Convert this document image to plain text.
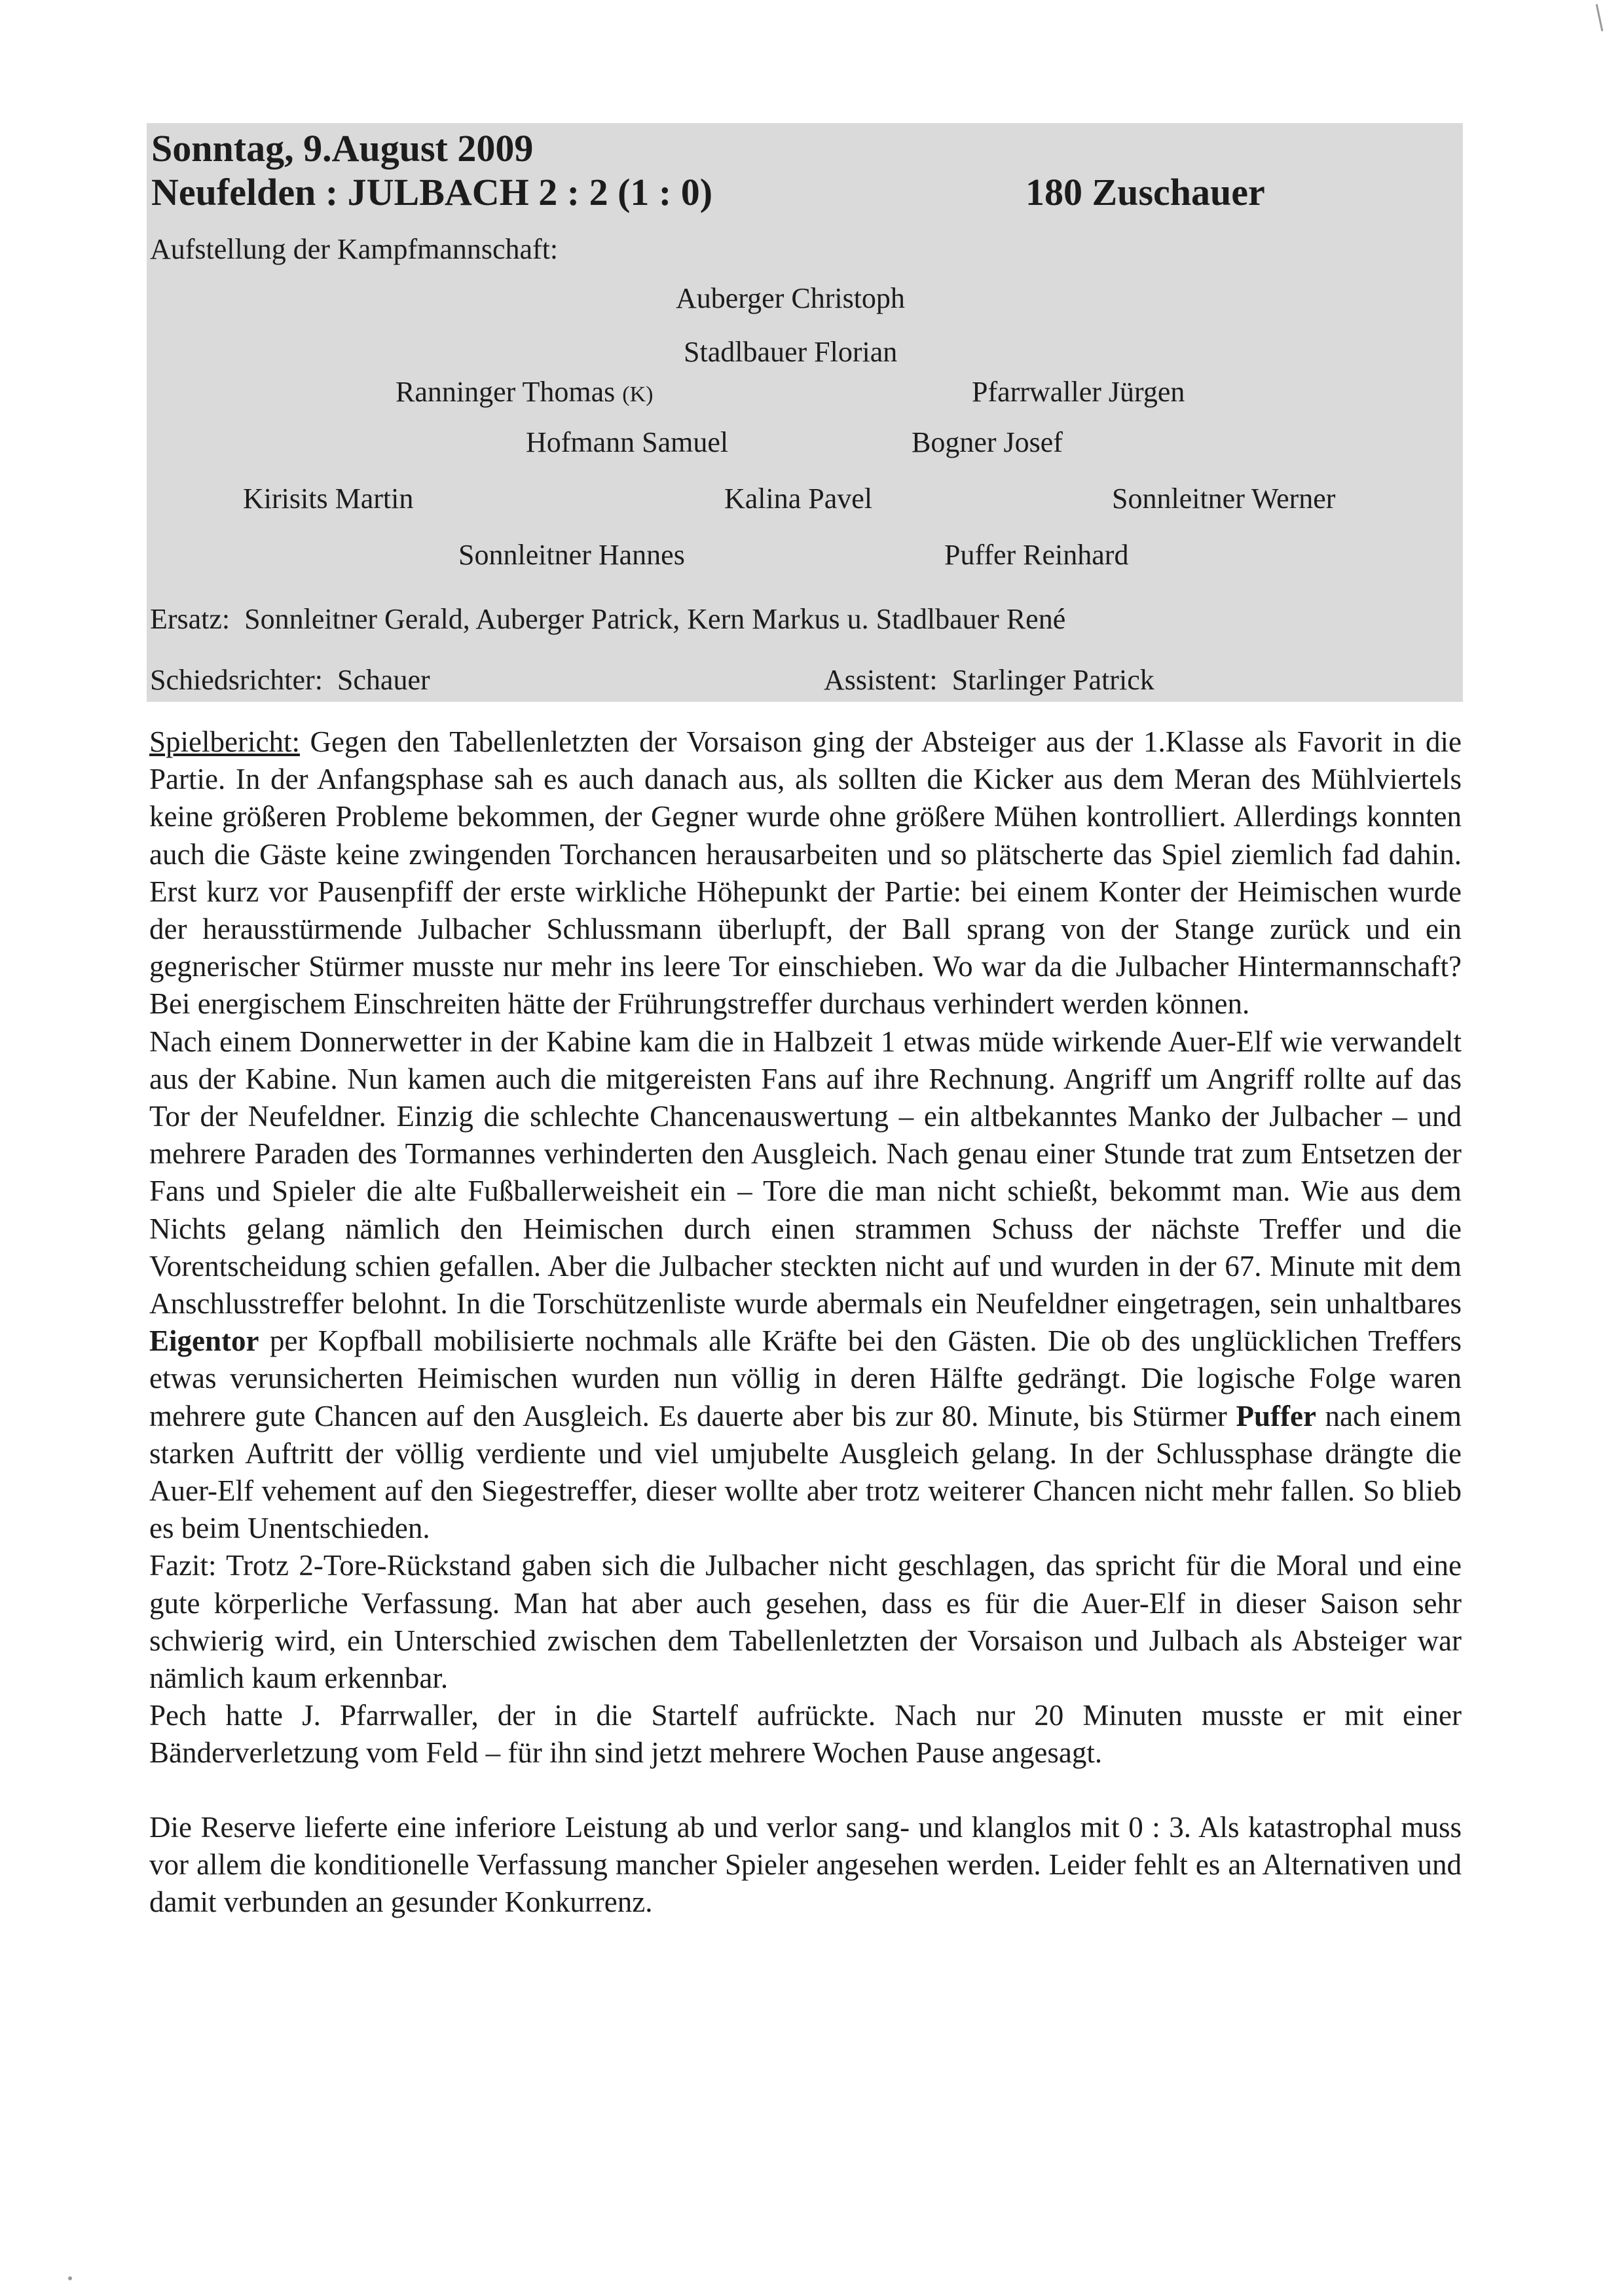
Sonntag, 9.August 2009
Neufelden : JULBACH 2 : 2 (1 : 0)	180 Zuschauer
Aufstellung der Kampfmannschaft:
Auberger Christoph
Stadlbauer Florian
Ranninger Thomas (K)	Pfarrwaller Jürgen
Hofmann Samuel	Bogner Josef
Kirisits Martin	Kalina Pavel	Sonnleitner Werner
Sonnleitner Hannes	Puffer Reinhard
Ersatz: Sonnleitner Gerald, Auberger Patrick, Kern Markus u. Stadlbauer René
Schiedsrichter: Schauer	Assistent: Starlinger Patrick

Spielbericht: Gegen den Tabellenletzten der Vorsaison ging der Absteiger aus der 1.Klasse als Favorit in die Partie. In der Anfangsphase sah es auch danach aus, als sollten die Kicker aus dem Meran des Mühlviertels keine größeren Probleme bekommen, der Gegner wurde ohne größere Mühen kontrolliert. Allerdings konnten auch die Gäste keine zwingenden Torchancen herausarbeiten und so plätscherte das Spiel ziemlich fad dahin. Erst kurz vor Pausenpfiff der erste wirkliche Höhepunkt der Partie: bei einem Konter der Heimischen wurde der herausstürmende Julbacher Schlussmann überlupft, der Ball sprang von der Stange zurück und ein gegnerischer Stürmer musste nur mehr ins leere Tor einschieben. Wo war da die Julbacher Hintermannschaft? Bei energischem Einschreiten hätte der Frührungstreffer durchaus verhindert werden können.

Nach einem Donnerwetter in der Kabine kam die in Halbzeit 1 etwas müde wirkende Auer-Elf wie verwandelt aus der Kabine. Nun kamen auch die mitgereisten Fans auf ihre Rechnung. Angriff um Angriff rollte auf das Tor der Neufeldner. Einzig die schlechte Chancenauswertung – ein altbekanntes Manko der Julbacher – und mehrere Paraden des Tormannes verhinderten den Ausgleich. Nach genau einer Stunde trat zum Entsetzen der Fans und Spieler die alte Fußballerweisheit ein – Tore die man nicht schießt, bekommt man. Wie aus dem Nichts gelang nämlich den Heimischen durch einen strammen Schuss der nächste Treffer und die Vorentscheidung schien gefallen. Aber die Julbacher steckten nicht auf und wurden in der 67. Minute mit dem Anschlusstreffer belohnt. In die Torschützenliste wurde abermals ein Neufeldner eingetragen, sein unhaltbares Eigentor per Kopfball mobilisierte nochmals alle Kräfte bei den Gästen. Die ob des unglücklichen Treffers etwas verunsicherten Heimischen wurden nun völlig in deren Hälfte gedrängt. Die logische Folge waren mehrere gute Chancen auf den Ausgleich. Es dauerte aber bis zur 80. Minute, bis Stürmer Puffer nach einem starken Auftritt der völlig verdiente und viel umjubelte Ausgleich gelang. In der Schlussphase drängte die Auer-Elf vehement auf den Siegestreffer, dieser wollte aber trotz weiterer Chancen nicht mehr fallen. So blieb es beim Unentschieden.

Fazit: Trotz 2-Tore-Rückstand gaben sich die Julbacher nicht geschlagen, das spricht für die Moral und eine gute körperliche Verfassung. Man hat aber auch gesehen, dass es für die Auer-Elf in dieser Saison sehr schwierig wird, ein Unterschied zwischen dem Tabellenletzten der Vorsaison und Julbach als Absteiger war nämlich kaum erkennbar.

Pech hatte J. Pfarrwaller, der in die Startelf aufrückte. Nach nur 20 Minuten musste er mit einer Bänderverletzung vom Feld – für ihn sind jetzt mehrere Wochen Pause angesagt.

Die Reserve lieferte eine inferiore Leistung ab und verlor sang- und klanglos mit 0 : 3. Als katastrophal muss vor allem die konditionelle Verfassung mancher Spieler angesehen werden. Leider fehlt es an Alternativen und damit verbunden an gesunder Konkurrenz.
